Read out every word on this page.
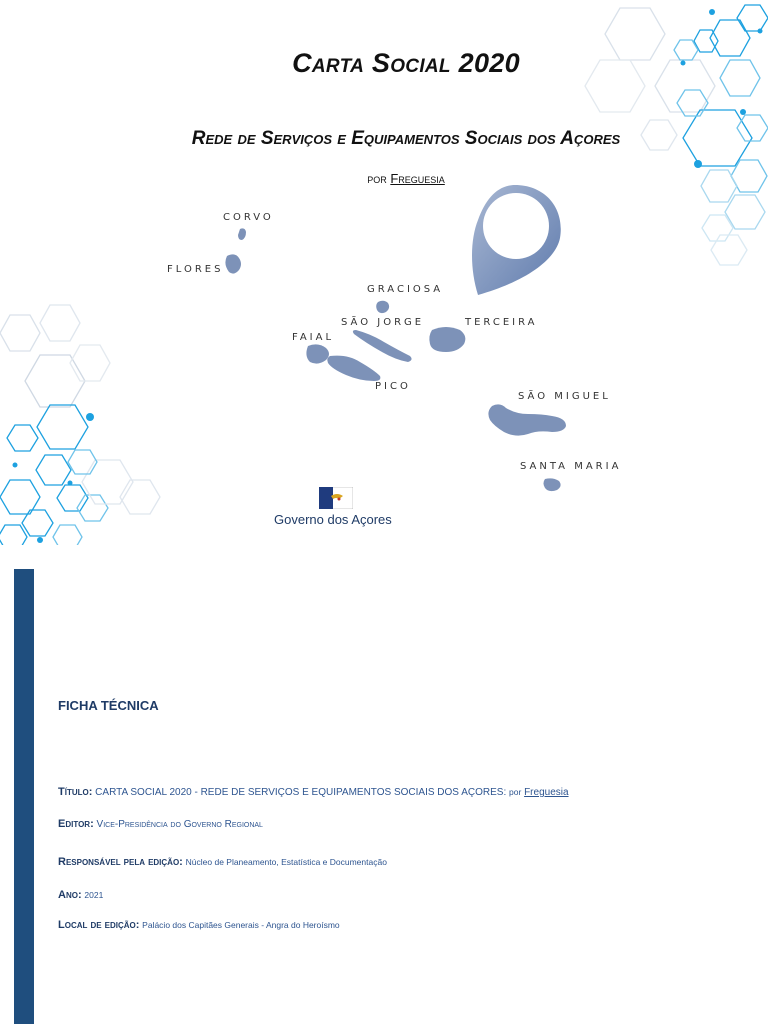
Carta Social 2020
Rede de Serviços e Equipamentos Sociais dos Açores
por Freguesia
CORVO
FLORES
GRACIOSA
SÃO JORGE	TERCEIRA
FAIAL
PICO
SÃO MIGUEL
SANTA MARIA
Governo dos Açores
FICHA TÉCNICA
Título: CARTA SOCIAL 2020 - REDE DE SERVIÇOS E EQUIPAMENTOS SOCIAIS DOS AÇORES: por Freguesia
Editor: Vice-Presidência do Governo Regional
Responsável pela edição: Núcleo de Planeamento, Estatística e Documentação
Ano: 2021
Local de edição: Palácio dos Capitães Generais - Angra do Heroísmo
